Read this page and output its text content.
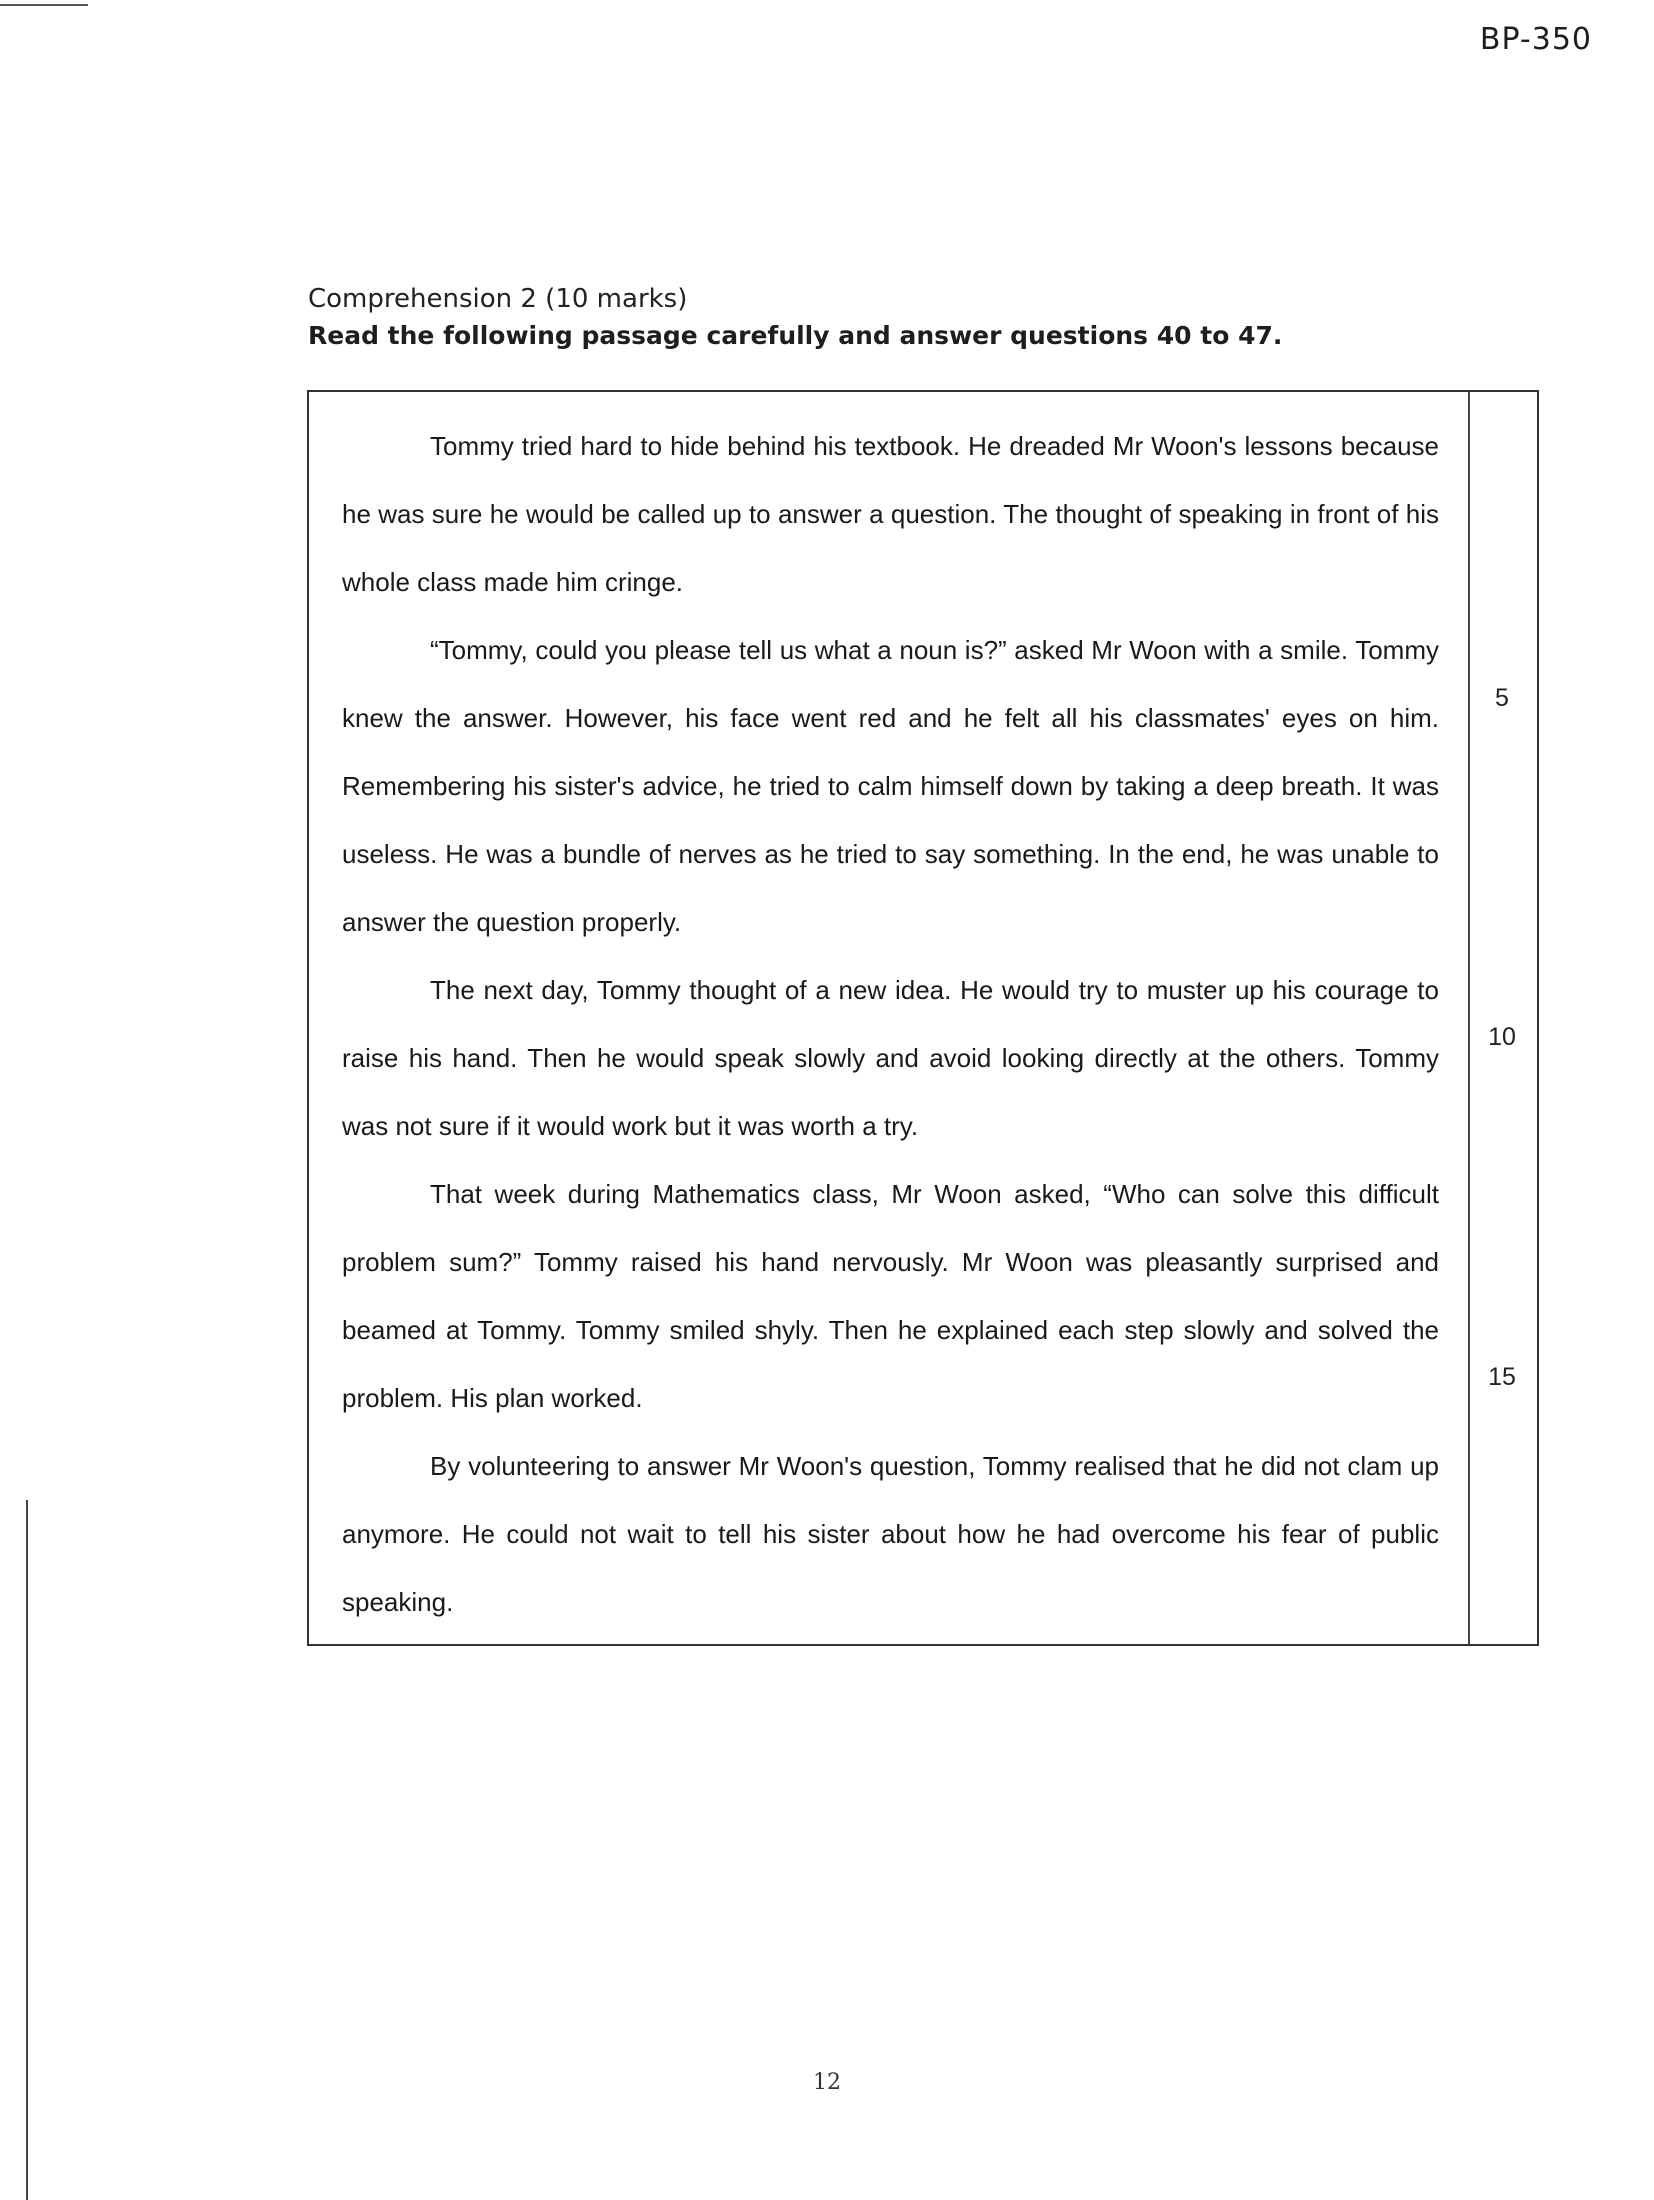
BP-350
Comprehension 2 (10 marks)
Read the following passage carefully and answer questions 40 to 47.

Tommy tried hard to hide behind his textbook. He dreaded Mr Woon's lessons because he was sure he would be called up to answer a question. The thought of speaking in front of his whole class made him cringe.

“Tommy, could you please tell us what a noun is?” asked Mr Woon with a smile. Tommy knew the answer. However, his face went red and he felt all his classmates' eyes on him. Remembering his sister's advice, he tried to calm himself down by taking a deep breath. It was useless. He was a bundle of nerves as he tried to say something. In the end, he was unable to answer the question properly.

The next day, Tommy thought of a new idea. He would try to muster up his courage to raise his hand. Then he would speak slowly and avoid looking directly at the others. Tommy was not sure if it would work but it was worth a try.

That week during Mathematics class, Mr Woon asked, “Who can solve this difficult problem sum?” Tommy raised his hand nervously. Mr Woon was pleasantly surprised and beamed at Tommy. Tommy smiled shyly. Then he explained each step slowly and solved the problem. His plan worked.

By volunteering to answer Mr Woon's question, Tommy realised that he did not clam up anymore. He could not wait to tell his sister about how he had overcome his fear of public speaking.

5
10
15
12
